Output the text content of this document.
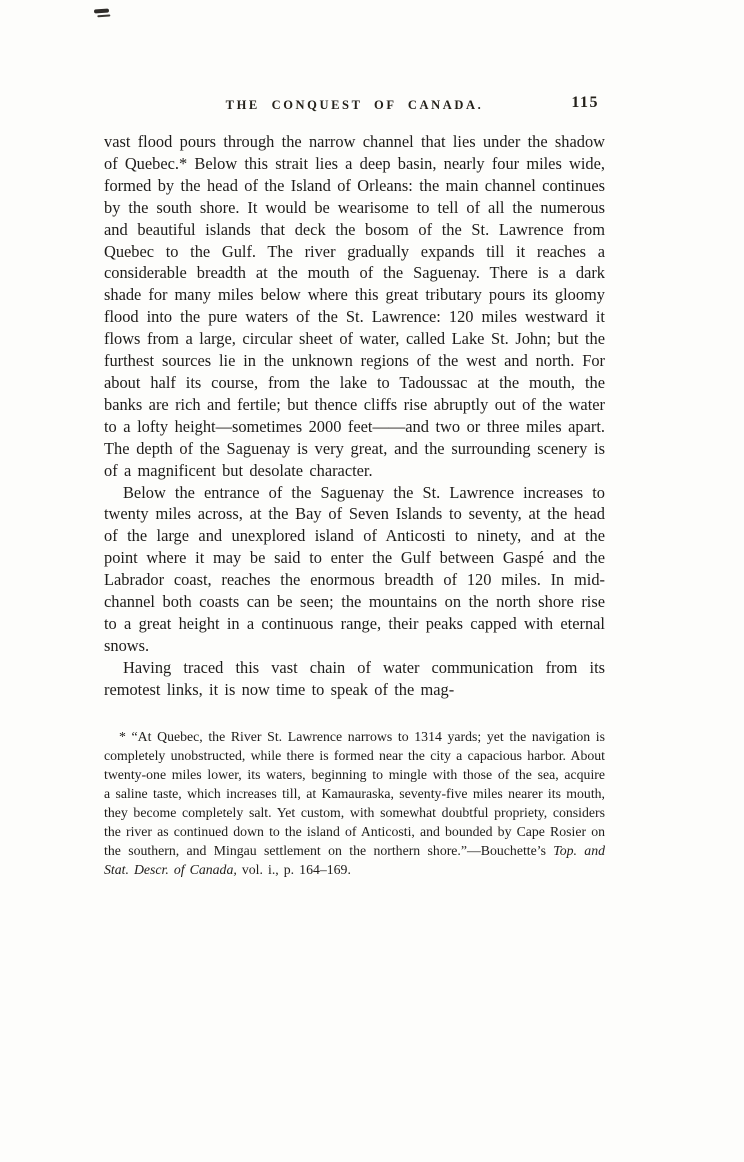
THE CONQUEST OF CANADA.	115

vast flood pours through the narrow channel that lies under the shadow of Quebec.* Below this strait lies a deep basin, nearly four miles wide, formed by the head of the Island of Orleans: the main channel continues by the south shore. It would be wearisome to tell of all the numerous and beautiful islands that deck the bosom of the St. Lawrence from Quebec to the Gulf. The river gradually expands till it reaches a considerable breadth at the mouth of the Saguenay. There is a dark shade for many miles below where this great tributary pours its gloomy flood into the pure waters of the St. Lawrence: 120 miles westward it flows from a large, circular sheet of water, called Lake St. John; but the furthest sources lie in the unknown regions of the west and north. For about half its course, from the lake to Tadoussac at the mouth, the banks are rich and fertile; but thence cliffs rise abruptly out of the water to a lofty height—sometimes 2000 feet——and two or three miles apart. The depth of the Saguenay is very great, and the surrounding scenery is of a magnificent but desolate character.

Below the entrance of the Saguenay the St. Lawrence increases to twenty miles across, at the Bay of Seven Islands to seventy, at the head of the large and unexplored island of Anticosti to ninety, and at the point where it may be said to enter the Gulf between Gaspé and the Labrador coast, reaches the enormous breadth of 120 miles. In mid-channel both coasts can be seen; the mountains on the north shore rise to a great height in a continuous range, their peaks capped with eternal snows.

Having traced this vast chain of water communication from its remotest links, it is now time to speak of the mag-

* “At Quebec, the River St. Lawrence narrows to 1314 yards; yet the navigation is completely unobstructed, while there is formed near the city a capacious harbor. About twenty-one miles lower, its waters, beginning to mingle with those of the sea, acquire a saline taste, which increases till, at Kamauraska, seventy-five miles nearer its mouth, they become completely salt. Yet custom, with somewhat doubtful propriety, considers the river as continued down to the island of Anticosti, and bounded by Cape Rosier on the southern, and Mingau settlement on the northern shore.”—Bouchette’s Top. and Stat. Descr. of Canada, vol. i., p. 164–169.
